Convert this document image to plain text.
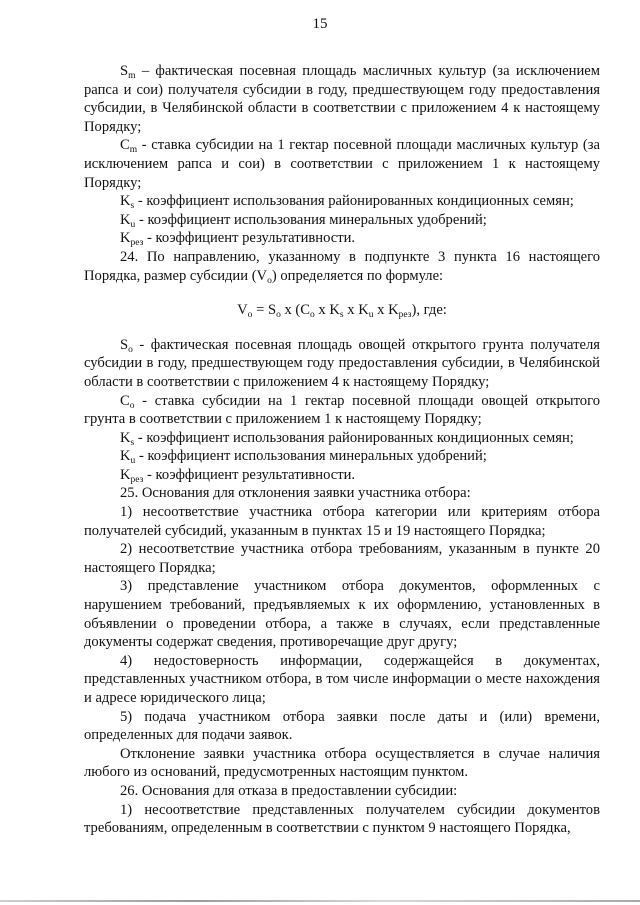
15

$S_m$ – фактическая посевная площадь масличных культур (за исключением рапса и сои) получателя субсидии в году, предшествующем году предоставления субсидии, в Челябинской области в соответствии с приложением 4 к настоящему Порядку;

$C_m$ - ставка субсидии на 1 гектар посевной площади масличных культур (за исключением рапса и сои) в соответствии с приложением 1 к настоящему Порядку;

$K_s$ - коэффициент использования районированных кондиционных семян;

$K_u$ - коэффициент использования минеральных удобрений;

$K_{рез}$ - коэффициент результативности.

24. По направлению, указанному в подпункте 3 пункта 16 настоящего Порядка, размер субсидии $(V_o)$ определяется по формуле:

$V_o = S_o$ x ($C_o$ x $K_s$ x $K_u$ x $K_{рез}$), где:

$S_o$ - фактическая посевная площадь овощей открытого грунта получателя субсидии в году, предшествующем году предоставления субсидии, в Челябинской области в соответствии с приложением 4 к настоящему Порядку;

$C_o$ - ставка субсидии на 1 гектар посевной площади овощей открытого грунта в соответствии с приложением 1 к настоящему Порядку;

$K_s$ - коэффициент использования районированных кондиционных семян;

$K_u$ - коэффициент использования минеральных удобрений;

$K_{рез}$ - коэффициент результативности.

25. Основания для отклонения заявки участника отбора:

1) несоответствие участника отбора категории или критериям отбора получателей субсидий, указанным в пунктах 15 и 19 настоящего Порядка;

2) несоответствие участника отбора требованиям, указанным в пункте 20 настоящего Порядка;

3) представление участником отбора документов, оформленных с нарушением требований, предъявляемых к их оформлению, установленных в объявлении о проведении отбора, а также в случаях, если представленные документы содержат сведения, противоречащие друг другу;

4) недостоверность информации, содержащейся в документах, представленных участником отбора, в том числе информации о месте нахождения и адресе юридического лица;

5) подача участником отбора заявки после даты и (или) времени, определенных для подачи заявок.

Отклонение заявки участника отбора осуществляется в случае наличия любого из оснований, предусмотренных настоящим пунктом.

26. Основания для отказа в предоставлении субсидии:

1) несоответствие представленных получателем субсидии документов требованиям, определенным в соответствии с пунктом 9 настоящего Порядка,
